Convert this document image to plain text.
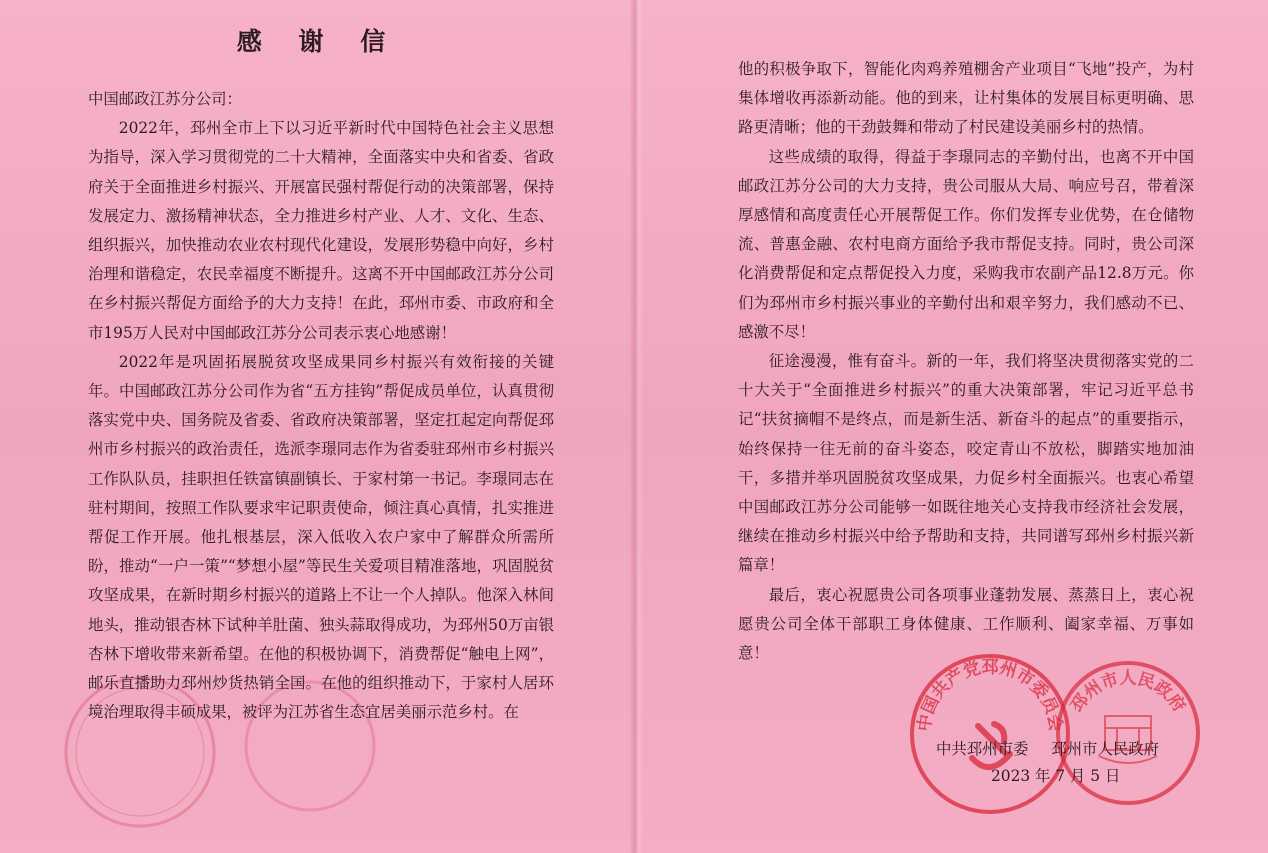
感 谢 信

中国邮政江苏分公司：

2022年，邳州全市上下以习近平新时代中国特色社会主义思想为指导，深入学习贯彻党的二十大精神，全面落实中央和省委、省政府关于全面推进乡村振兴、开展富民强村帮促行动的决策部署，保持发展定力、激扬精神状态，全力推进乡村产业、人才、文化、生态、组织振兴，加快推动农业农村现代化建设，发展形势稳中向好，乡村治理和谐稳定，农民幸福度不断提升。这离不开中国邮政江苏分公司在乡村振兴帮促方面给予的大力支持！在此，邳州市委、市政府和全市195万人民对中国邮政江苏分公司表示衷心地感谢！

2022年是巩固拓展脱贫攻坚成果同乡村振兴有效衔接的关键年。中国邮政江苏分公司作为省“五方挂钩”帮促成员单位，认真贯彻落实党中央、国务院及省委、省政府决策部署，坚定扛起定向帮促邳州市乡村振兴的政治责任，选派李璟同志作为省委驻邳州市乡村振兴工作队队员，挂职担任铁富镇副镇长、于家村第一书记。李璟同志在驻村期间，按照工作队要求牢记职责使命，倾注真心真情，扎实推进帮促工作开展。他扎根基层，深入低收入农户家中了解群众所需所盼，推动“一户一策”“梦想小屋”等民生关爱项目精准落地，巩固脱贫攻坚成果，在新时期乡村振兴的道路上不让一个人掉队。他深入林间地头，推动银杏林下试种羊肚菌、独头蒜取得成功，为邳州50万亩银杏林下增收带来新希望。在他的积极协调下，消费帮促“触电上网”，邮乐直播助力邳州炒货热销全国。在他的组织推动下，于家村人居环境治理取得丰硕成果，被评为江苏省生态宜居美丽示范乡村。在

他的积极争取下，智能化肉鸡养殖棚舍产业项目“飞地”投产，为村集体增收再添新动能。他的到来，让村集体的发展目标更明确、思路更清晰；他的干劲鼓舞和带动了村民建设美丽乡村的热情。

这些成绩的取得，得益于李璟同志的辛勤付出，也离不开中国邮政江苏分公司的大力支持，贵公司服从大局、响应号召，带着深厚感情和高度责任心开展帮促工作。你们发挥专业优势，在仓储物流、普惠金融、农村电商方面给予我市帮促支持。同时，贵公司深化消费帮促和定点帮促投入力度，采购我市农副产品12.8万元。你们为邳州市乡村振兴事业的辛勤付出和艰辛努力，我们感动不已、感激不尽！

征途漫漫，惟有奋斗。新的一年，我们将坚决贯彻落实党的二十大关于“全面推进乡村振兴”的重大决策部署，牢记习近平总书记“扶贫摘帽不是终点，而是新生活、新奋斗的起点”的重要指示，始终保持一往无前的奋斗姿态，咬定青山不放松，脚踏实地加油干，多措并举巩固脱贫攻坚成果，力促乡村全面振兴。也衷心希望中国邮政江苏分公司能够一如既往地关心支持我市经济社会发展，继续在推动乡村振兴中给予帮助和支持，共同谱写邳州乡村振兴新篇章！

最后，衷心祝愿贵公司各项事业蓬勃发展、蒸蒸日上，衷心祝愿贵公司全体干部职工身体健康、工作顺利、阖家幸福、万事如意！

中国共产党邳州市委员会
邳州市人民政府
中共邳州市委 邳州市人民政府
2023 年 7 月 5 日
